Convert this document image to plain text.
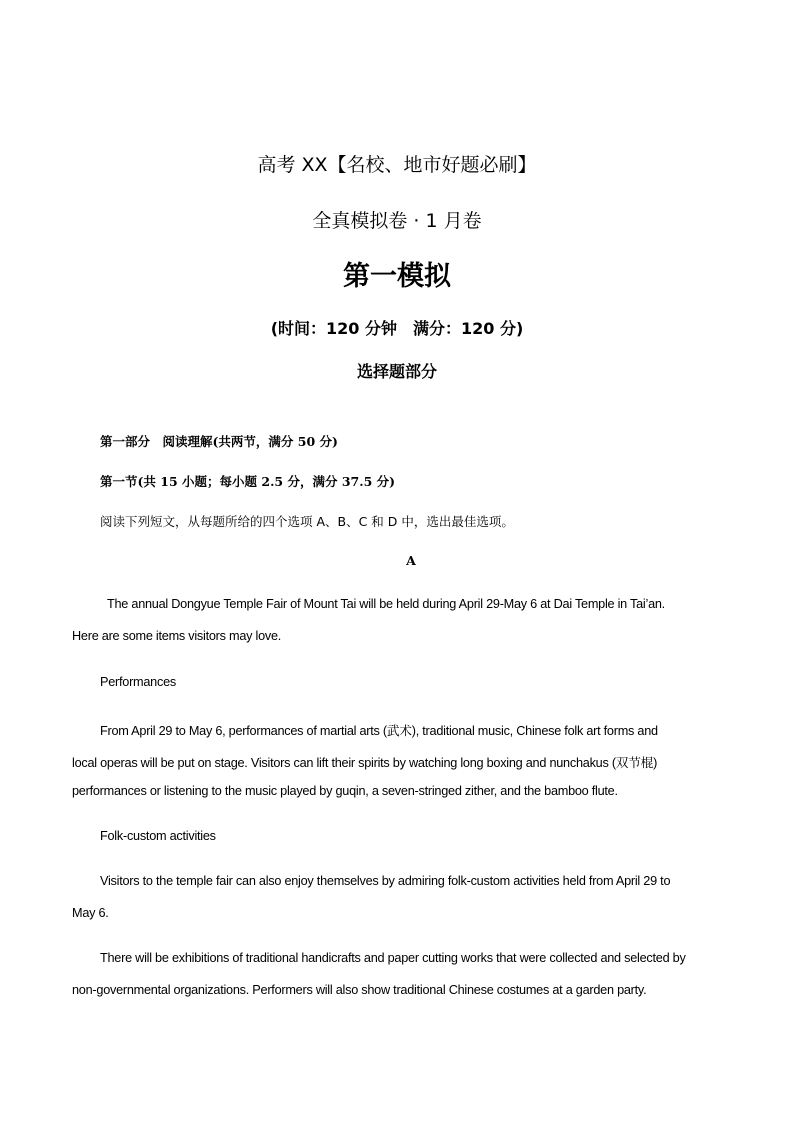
高考 XX【名校、地市好题必刷】
全真模拟卷 · 1 月卷
第一模拟
(时间：120 分钟　满分：120 分)
选择题部分
第一部分　阅读理解(共两节，满分 50 分)
第一节(共 15 小题；每小题 2.5 分，满分 37.5 分)
阅读下列短文，从每题所给的四个选项 A、B、C 和 D 中，选出最佳选项。
A
The annual Dongyue Temple Fair of Mount Tai will be held during April 29-May 6 at Dai Temple in Tai’an.
Here are some items visitors may love.
Performances
From April 29 to May 6, performances of martial arts (武术), traditional music, Chinese folk art forms and
local operas will be put on stage. Visitors can lift their spirits by watching long boxing and nunchakus (双节棍)
performances or listening to the music played by guqin, a seven-stringed zither, and the bamboo flute.
Folk-custom activities
Visitors to the temple fair can also enjoy themselves by admiring folk-custom activities held from April 29 to
May 6.
There will be exhibitions of traditional handicrafts and paper cutting works that were collected and selected by
non-governmental organizations. Performers will also show traditional Chinese costumes at a garden party.
